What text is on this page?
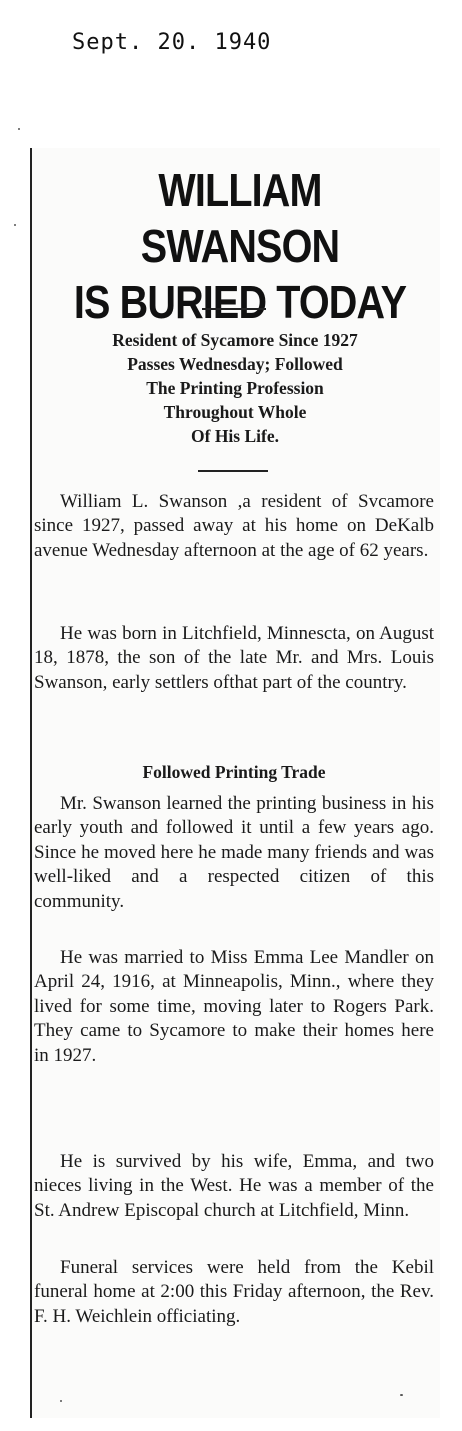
Sept. 20. 1940
WILLIAM SWANSON
IS BURIED TODAY
Resident of Sycamore Since 1927
Passes Wednesday; Followed
The Printing Profession
Throughout Whole
Of His Life.
William L. Swanson ,a resident of Svcamore since 1927, passed away at his home on DeKalb avenue Wednesday afternoon at the age of 62 years.
He was born in Litchfield, Minnescta, on August 18, 1878, the son of the late Mr. and Mrs. Louis Swanson, early settlers ofthat part of the country.
Followed Printing Trade
Mr. Swanson learned the printing business in his early youth and followed it until a few years ago. Since he moved here he made many friends and was well-liked and a respected citizen of this community.
He was married to Miss Emma Lee Mandler on April 24, 1916, at Minneapolis, Minn., where they lived for some time, moving later to Rogers Park. They came to Sycamore to make their homes here in 1927.
He is survived by his wife, Emma, and two nieces living in the West. He was a member of the St. Andrew Episcopal church at Litchfield, Minn.
Funeral services were held from the Kebil funeral home at 2:00 this Friday afternoon, the Rev. F. H. Weichlein officiating.
